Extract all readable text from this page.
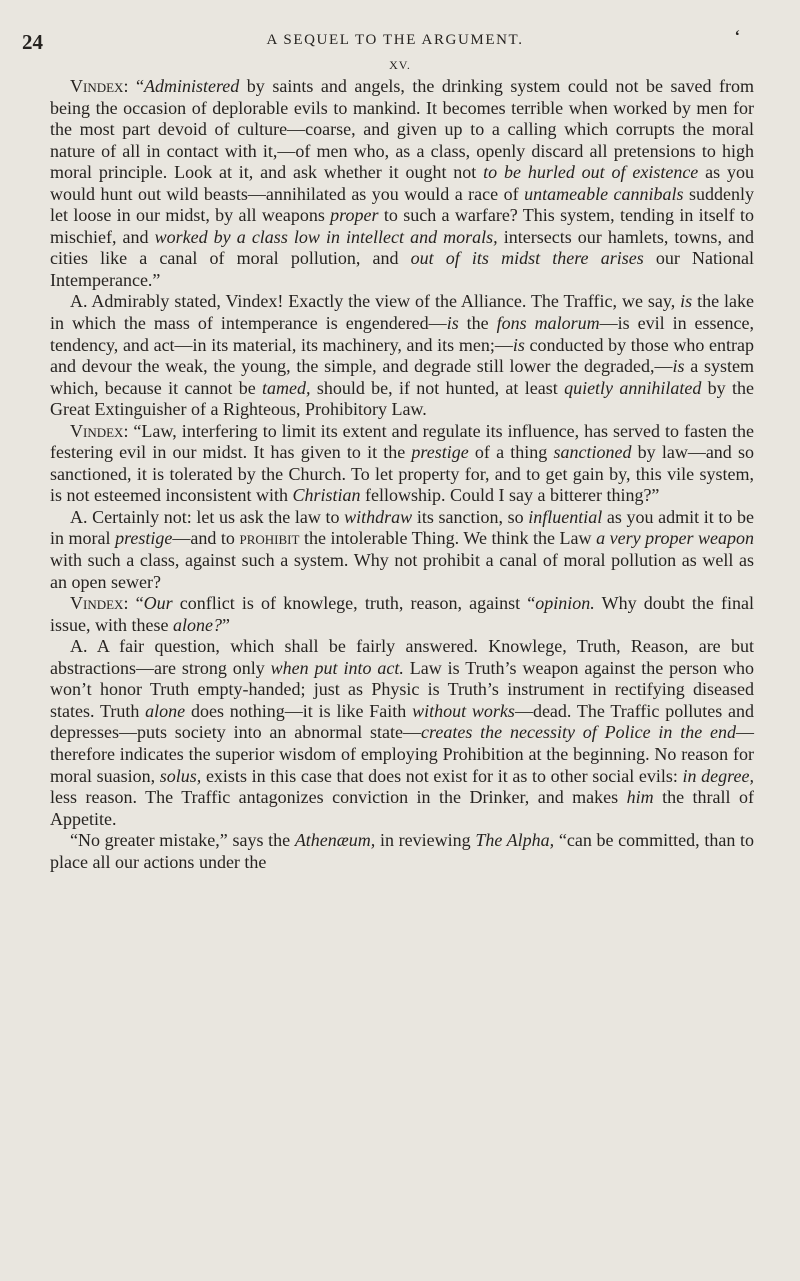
24	A SEQUEL TO THE ARGUMENT.	‘
XV.

Vindex: “Administered by saints and angels, the drinking system could not be saved from being the occasion of deplorable evils to mankind. It becomes terrible when worked by men for the most part devoid of culture—coarse, and given up to a calling which corrupts the moral nature of all in contact with it,—of men who, as a class, openly discard all pretensions to high moral principle. Look at it, and ask whether it ought not to be hurled out of existence as you would hunt out wild beasts—annihilated as you would a race of untameable cannibals suddenly let loose in our midst, by all weapons proper to such a warfare? This system, tending in itself to mischief, and worked by a class low in intellect and morals, intersects our hamlets, towns, and cities like a canal of moral pollution, and out of its midst there arises our National Intemperance.”

A. Admirably stated, Vindex! Exactly the view of the Alliance. The Traffic, we say, is the lake in which the mass of intemperance is engendered—is the fons malorum—is evil in essence, tendency, and act—in its material, its machinery, and its men;—is conducted by those who entrap and devour the weak, the young, the simple, and degrade still lower the degraded,—is a system which, because it cannot be tamed, should be, if not hunted, at least quietly annihilated by the Great Extinguisher of a Righteous, Prohibitory Law.

Vindex: “Law, interfering to limit its extent and regulate its influence, has served to fasten the festering evil in our midst. It has given to it the prestige of a thing sanctioned by law—and so sanctioned, it is tolerated by the Church. To let property for, and to get gain by, this vile system, is not esteemed inconsistent with Christian fellowship. Could I say a bitterer thing?”

A. Certainly not: let us ask the law to withdraw its sanction, so influential as you admit it to be in moral prestige—and to prohibit the intolerable Thing. We think the Law a very proper weapon with such a class, against such a system. Why not prohibit a canal of moral pollution as well as an open sewer?

Vindex: “Our conflict is of knowlege, truth, reason, against “opinion. Why doubt the final issue, with these alone?”

A. A fair question, which shall be fairly answered. Knowlege, Truth, Reason, are but abstractions—are strong only when put into act. Law is Truth’s weapon against the person who won’t honor Truth empty-handed; just as Physic is Truth’s instrument in rectifying diseased states. Truth alone does nothing—it is like Faith without works—dead. The Traffic pollutes and depresses—puts society into an abnormal state—creates the necessity of Police in the end—therefore indicates the superior wisdom of employing Prohibition at the beginning. No reason for moral suasion, solus, exists in this case that does not exist for it as to other social evils: in degree, less reason. The Traffic antagonizes conviction in the Drinker, and makes him the thrall of Appetite.

“No greater mistake,” says the Athenæum, in reviewing The Alpha, “can be committed, than to place all our actions under the
